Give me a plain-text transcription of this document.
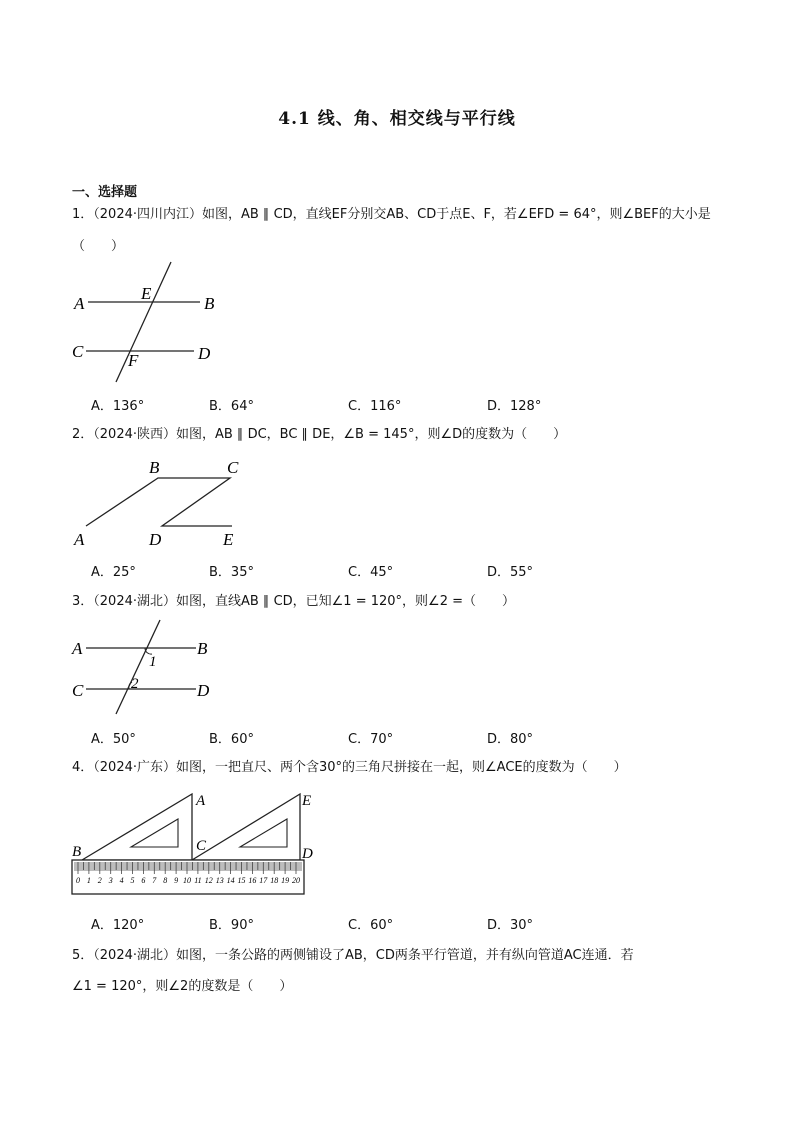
4.1 线、角、相交线与平行线
一、选择题
1．（2024·四川内江）如图，AB ∥ CD，直线EF分别交AB、CD于点E、F，若∠EFD = 64°，则∠BEF的大小是
（　　）
A
E
B
C	F	D
A．136°	B．64°	C．116°	D．128°
2．（2024·陕西）如图，AB ∥ DC，BC ∥ DE，∠B = 145°，则∠D的度数为（　　）
B	C
A	D	E
A．25°	B．35°	C．45°	D．55°
3．（2024·湖北）如图，直线AB ∥ CD，已知∠1 = 120°，则∠2 =（　　）
A	B
1
C	2	D
A．50°	B．60°	C．70°	D．80°
4．（2024·广东）如图，一把直尺、两个含30°的三角尺拼接在一起，则∠ACE的度数为（　　）
0 1 2 3 4 5 6 7 8 9 10 11 12 13 14 15 16 17 18 19 20
A	E
B	C	D
A．120°	B．90°	C．60°	D．30°
5．（2024·湖北）如图，一条公路的两侧铺设了AB，CD两条平行管道，并有纵向管道AC连通．若
∠1 = 120°，则∠2的度数是（　　）
